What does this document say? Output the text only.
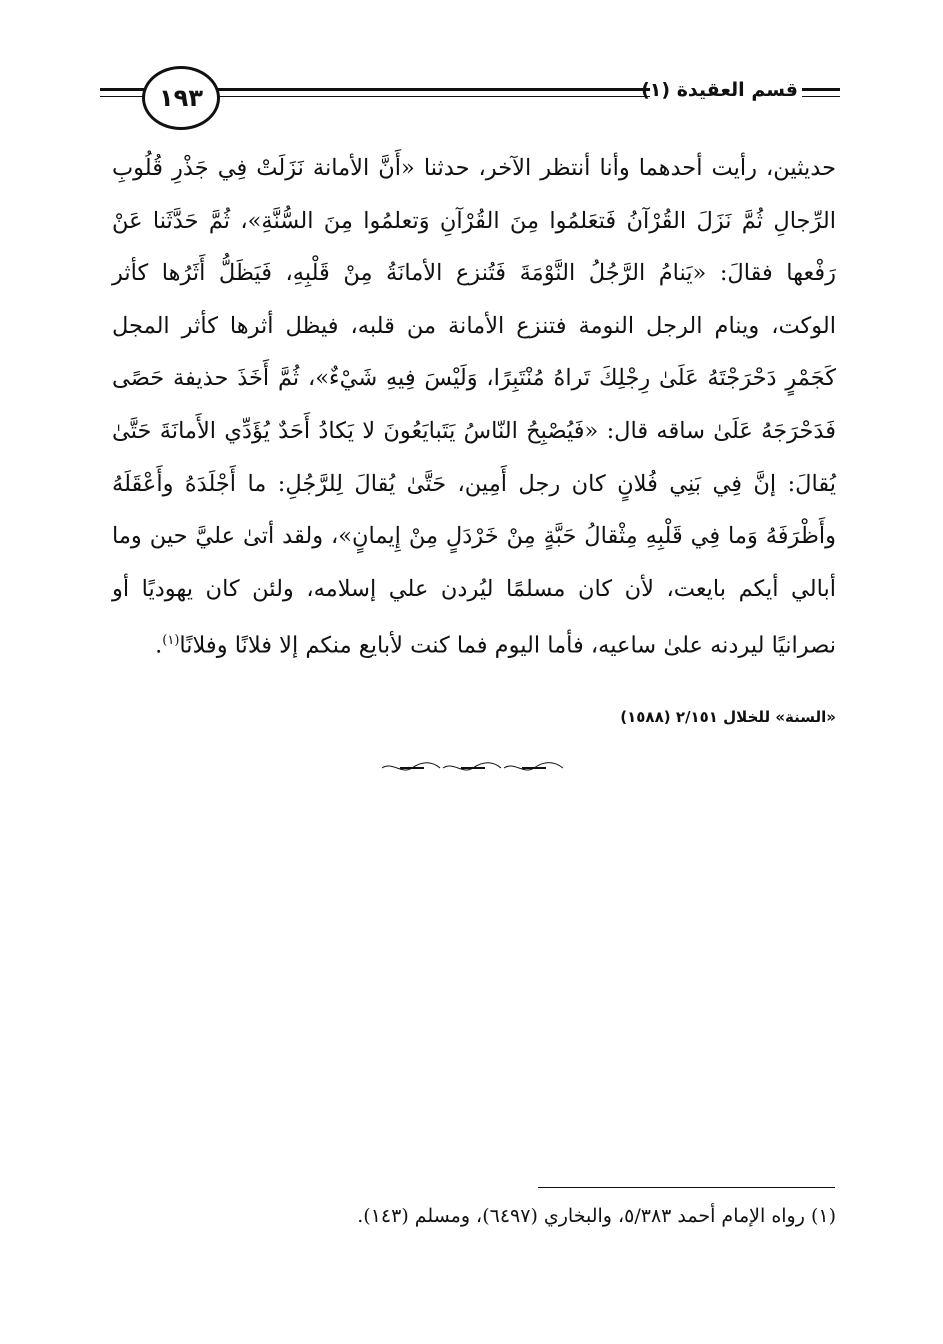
قسم العقيدة (١)
١٩٣

حديثين، رأيت أحدهما وأنا أنتظر الآخر، حدثنا «أَنَّ الأمانة نَزَلَتْ فِي جَذْرِ قُلُوبِ الرِّجالِ ثُمَّ نَزَلَ القُرْآنُ فَتعَلمُوا مِنَ القُرْآنِ وَتعلمُوا مِنَ السُّنَّةِ»، ثُمَّ حَدَّثَنا عَنْ رَفْعها فقالَ: «يَنامُ الرَّجُلُ النَّوْمَةَ فَتُنزع الأمانَةُ مِنْ قَلْبِهِ، فَيَظَلُّ أَثَرُها كأثر الوكت، وينام الرجل النومة فتنزع الأمانة من قلبه، فيظل أثرها كأثر المجل كَجَمْرٍ دَحْرَجْتَهُ عَلَىٰ رِجْلِكَ تَراهُ مُنْتَبِرًا، وَلَيْسَ فِيهِ شَيْءٌ»، ثُمَّ أَخَذَ حذيفة حَصًى فَدَحْرَجَهُ عَلَىٰ ساقه قال: «فَيُصْبِحُ النّاسُ يَتَبايَعُونَ لا يَكادُ أَحَدٌ يُؤَدِّي الأَمانَةَ حَتَّىٰ يُقالَ: إنَّ فِي بَنِي فُلانٍ كان رجل أَمِين، حَتَّىٰ يُقالَ لِلرَّجُلِ: ما أَجْلَدَهُ وأَعْقَلَهُ وأَظْرَفَهُ وَما فِي قَلْبِهِ مِثْقالُ حَبَّةٍ مِنْ خَرْدَلٍ مِنْ إِيمانٍ»، ولقد أتىٰ عليَّ حين وما أبالي أيكم بايعت، لأن كان مسلمًا ليُردن علي إسلامه، ولئن كان يهوديًا أو نصرانيًا ليردنه علىٰ ساعيه، فأما اليوم فما كنت لأبايع منكم إلا فلانًا وفلانًا$^{(١)}$.

«السنة» للخلال ٢/١٥١ (١٥٨٨)
(١) رواه الإمام أحمد ٥/٣٨٣، والبخاري (٦٤٩٧)، ومسلم (١٤٣).
